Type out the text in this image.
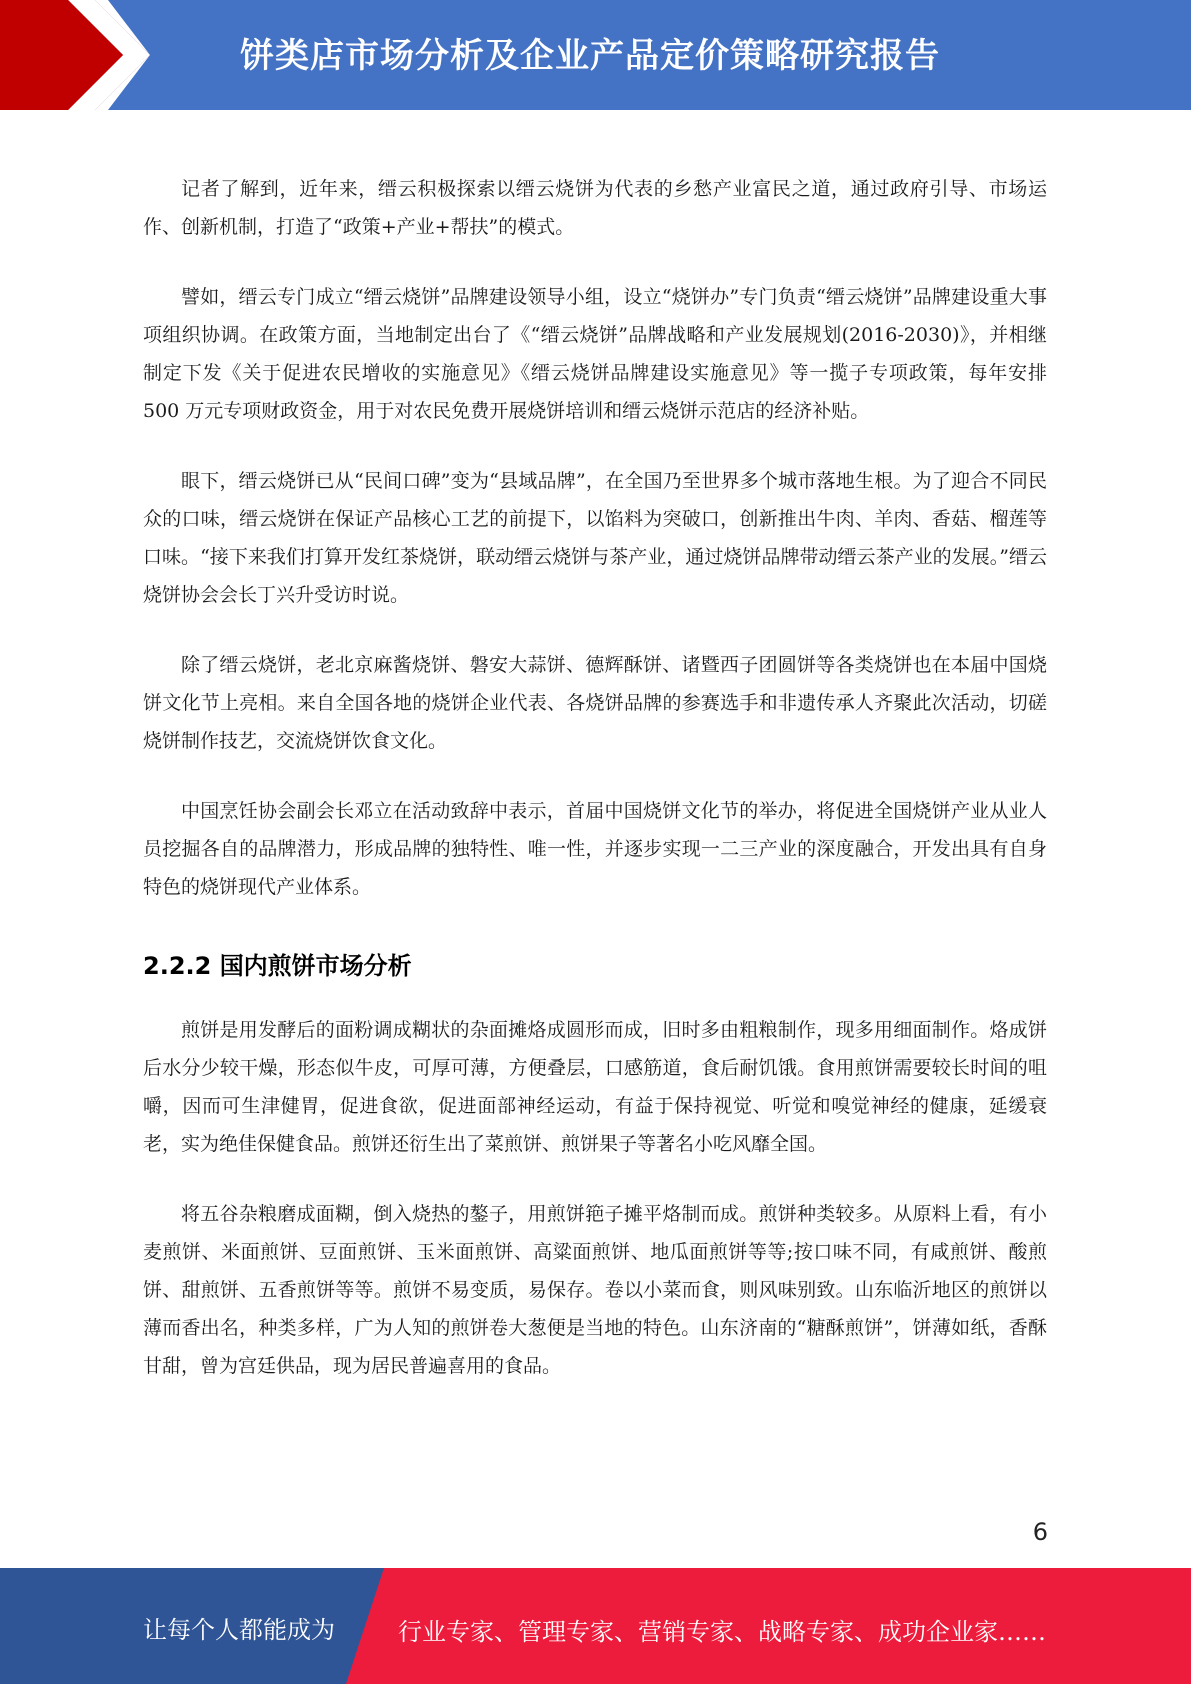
饼类店市场分析及企业产品定价策略研究报告

记者了解到，近年来，缙云积极探索以缙云烧饼为代表的乡愁产业富民之道，通过政府引导、市场运作、创新机制，打造了“政策+产业+帮扶”的模式。

譬如，缙云专门成立“缙云烧饼”品牌建设领导小组，设立“烧饼办”专门负责“缙云烧饼”品牌建设重大事项组织协调。在政策方面，当地制定出台了《“缙云烧饼”品牌战略和产业发展规划(2016-2030)》，并相继制定下发《关于促进农民增收的实施意见》《缙云烧饼品牌建设实施意见》等一揽子专项政策，每年安排 500 万元专项财政资金，用于对农民免费开展烧饼培训和缙云烧饼示范店的经济补贴。

眼下，缙云烧饼已从“民间口碑”变为“县域品牌”，在全国乃至世界多个城市落地生根。为了迎合不同民众的口味，缙云烧饼在保证产品核心工艺的前提下，以馅料为突破口，创新推出牛肉、羊肉、香菇、榴莲等口味。“接下来我们打算开发红茶烧饼，联动缙云烧饼与茶产业，通过烧饼品牌带动缙云茶产业的发展。”缙云烧饼协会会长丁兴升受访时说。

除了缙云烧饼，老北京麻酱烧饼、磐安大蒜饼、德辉酥饼、诸暨西子团圆饼等各类烧饼也在本届中国烧饼文化节上亮相。来自全国各地的烧饼企业代表、各烧饼品牌的参赛选手和非遗传承人齐聚此次活动，切磋烧饼制作技艺，交流烧饼饮食文化。

中国烹饪协会副会长邓立在活动致辞中表示，首届中国烧饼文化节的举办，将促进全国烧饼产业从业人员挖掘各自的品牌潜力，形成品牌的独特性、唯一性，并逐步实现一二三产业的深度融合，开发出具有自身特色的烧饼现代产业体系。

2.2.2 国内煎饼市场分析

煎饼是用发酵后的面粉调成糊状的杂面摊烙成圆形而成，旧时多由粗粮制作，现多用细面制作。烙成饼后水分少较干燥，形态似牛皮，可厚可薄，方便叠层，口感筋道，食后耐饥饿。食用煎饼需要较长时间的咀嚼，因而可生津健胃，促进食欲，促进面部神经运动，有益于保持视觉、听觉和嗅觉神经的健康，延缓衰老，实为绝佳保健食品。煎饼还衍生出了菜煎饼、煎饼果子等著名小吃风靡全国。

将五谷杂粮磨成面糊，倒入烧热的鏊子，用煎饼筢子摊平烙制而成。煎饼种类较多。从原料上看，有小麦煎饼、米面煎饼、豆面煎饼、玉米面煎饼、高粱面煎饼、地瓜面煎饼等等;按口味不同，有咸煎饼、酸煎饼、甜煎饼、五香煎饼等等。煎饼不易变质，易保存。卷以小菜而食，则风味别致。山东临沂地区的煎饼以薄而香出名，种类多样，广为人知的煎饼卷大葱便是当地的特色。山东济南的“糖酥煎饼”，饼薄如纸，香酥甘甜，曾为宫廷供品，现为居民普遍喜用的食品。

6
让每个人都能成为	行业专家、管理专家、营销专家、战略专家、成功企业家……
